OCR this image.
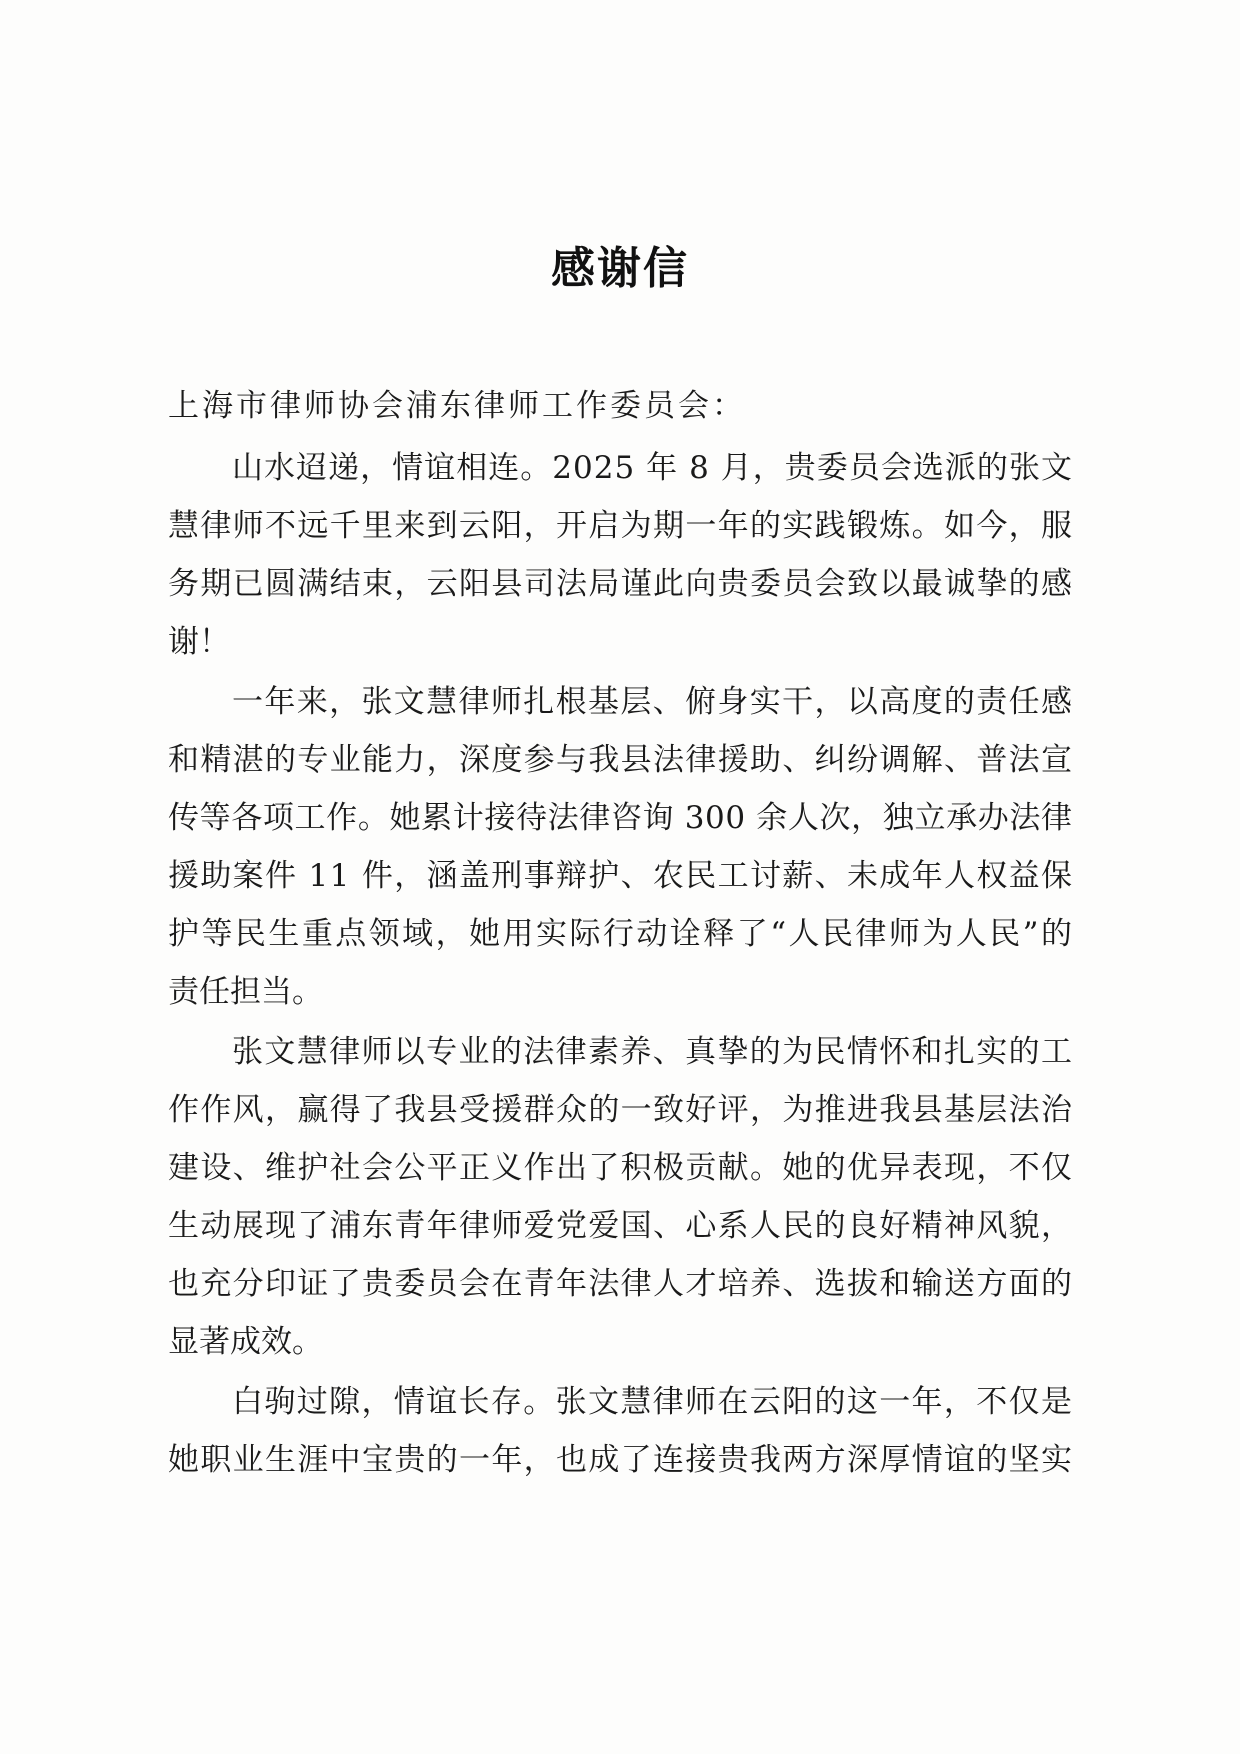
感谢信
上海市律师协会浦东律师工作委员会：
山水迢递，情谊相连。2025 年 8 月，贵委员会选派的张文
慧律师不远千里来到云阳，开启为期一年的实践锻炼。如今，服
务期已圆满结束，云阳县司法局谨此向贵委员会致以最诚挚的感
谢！
一年来，张文慧律师扎根基层、俯身实干，以高度的责任感
和精湛的专业能力，深度参与我县法律援助、纠纷调解、普法宣
传等各项工作。她累计接待法律咨询 300 余人次，独立承办法律
援助案件 11 件，涵盖刑事辩护、农民工讨薪、未成年人权益保
护等民生重点领域，她用实际行动诠释了“人民律师为人民”的
责任担当。
张文慧律师以专业的法律素养、真挚的为民情怀和扎实的工
作作风，赢得了我县受援群众的一致好评，为推进我县基层法治
建设、维护社会公平正义作出了积极贡献。她的优异表现，不仅
生动展现了浦东青年律师爱党爱国、心系人民的良好精神风貌，
也充分印证了贵委员会在青年法律人才培养、选拔和输送方面的
显著成效。
白驹过隙，情谊长存。张文慧律师在云阳的这一年，不仅是
她职业生涯中宝贵的一年，也成了连接贵我两方深厚情谊的坚实
